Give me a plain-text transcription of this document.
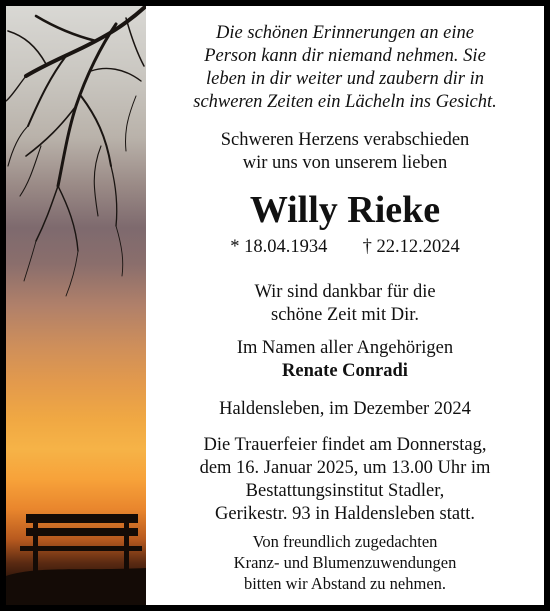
Die schönen Erinnerungen an eine
Person kann dir niemand nehmen. Sie
leben in dir weiter und zaubern dir in
schweren Zeiten ein Lächeln ins Gesicht.
Schweren Herzens verabschieden
wir uns von unserem lieben
Willy Rieke
* 18.04.1934 † 22.12.2024
Wir sind dankbar für die
schöne Zeit mit Dir.
Im Namen aller Angehörigen
Renate Conradi
Haldensleben, im Dezember 2024
Die Trauerfeier findet am Donnerstag,
dem 16. Januar 2025, um 13.00 Uhr im
Bestattungsinstitut Stadler,
Gerikestr. 93 in Haldensleben statt.
Von freundlich zugedachten
Kranz- und Blumenzuwendungen
bitten wir Abstand zu nehmen.
